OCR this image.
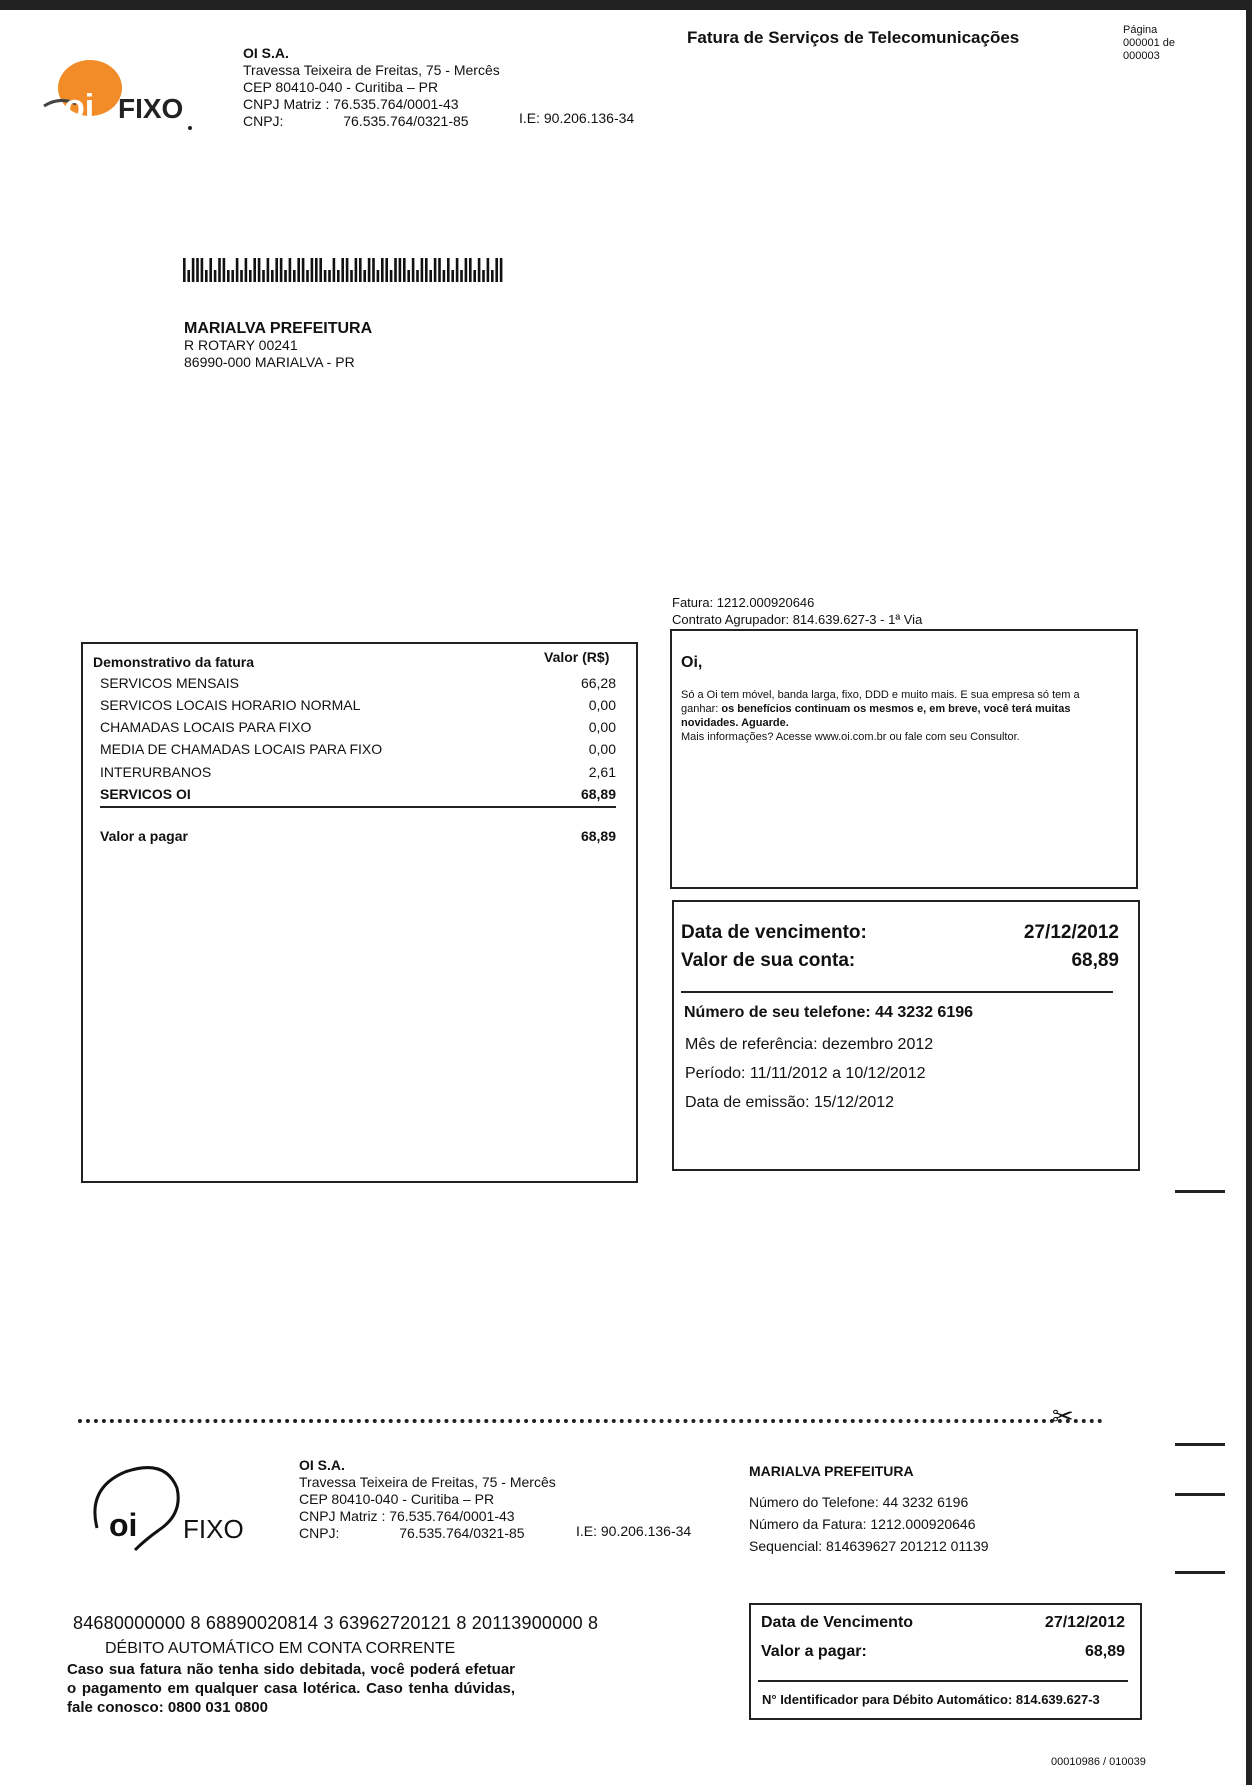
oi FIXO
OI S.A.
Travessa Teixeira de Freitas, 75 - Mercês
CEP 80410-040 - Curitiba – PR
CNPJ Matriz : 76.535.764/0001-43
CNPJ:	76.535.764/0321-85	I.E: 90.206.136-34
Fatura de Serviços de Telecomunicações	Página
000001 de
000003
MARIALVA PREFEITURA
R ROTARY 00241
86990-000 MARIALVA - PR
Fatura: 1212.000920646
Contrato Agrupador: 814.639.627-3 - 1ª Via
Demonstrativo da fatura	Valor (R$)
SERVICOS MENSAIS	66,28
SERVICOS LOCAIS HORARIO NORMAL	0,00
CHAMADAS LOCAIS PARA FIXO	0,00
MEDIA DE CHAMADAS LOCAIS PARA FIXO	0,00
INTERURBANOS	2,61
SERVICOS OI	68,89
Valor a pagar	68,89
Oi,
Só a Oi tem móvel, banda larga, fixo, DDD e muito mais. E sua empresa só tem a ganhar: os benefícios continuam os mesmos e, em breve, você terá muitas novidades. Aguarde.
Mais informações? Acesse www.oi.com.br ou fale com seu Consultor.
Data de vencimento:	27/12/2012
Valor de sua conta:	68,89
Número de seu telefone: 44 3232 6196
Mês de referência: dezembro 2012
Período: 11/11/2012 a 10/12/2012
Data de emissão: 15/12/2012
✂
oi FIXO
OI S.A.
Travessa Teixeira de Freitas, 75 - Mercês
CEP 80410-040 - Curitiba – PR
CNPJ Matriz : 76.535.764/0001-43
CNPJ:	76.535.764/0321-85	I.E: 90.206.136-34
MARIALVA PREFEITURA
Número do Telefone: 44 3232 6196
Número da Fatura: 1212.000920646
Sequencial: 814639627 201212 01139
84680000000 8 68890020814 3 63962720121 8 20113900000 8
DÉBITO AUTOMÁTICO EM CONTA CORRENTE
Caso sua fatura não tenha sido debitada, você poderá efetuar o pagamento em qualquer casa lotérica. Caso tenha dúvidas, fale conosco: 0800 031 0800
Data de Vencimento	27/12/2012
Valor a pagar:	68,89
N° Identificador para Débito Automático: 814.639.627-3
00010986 / 010039
